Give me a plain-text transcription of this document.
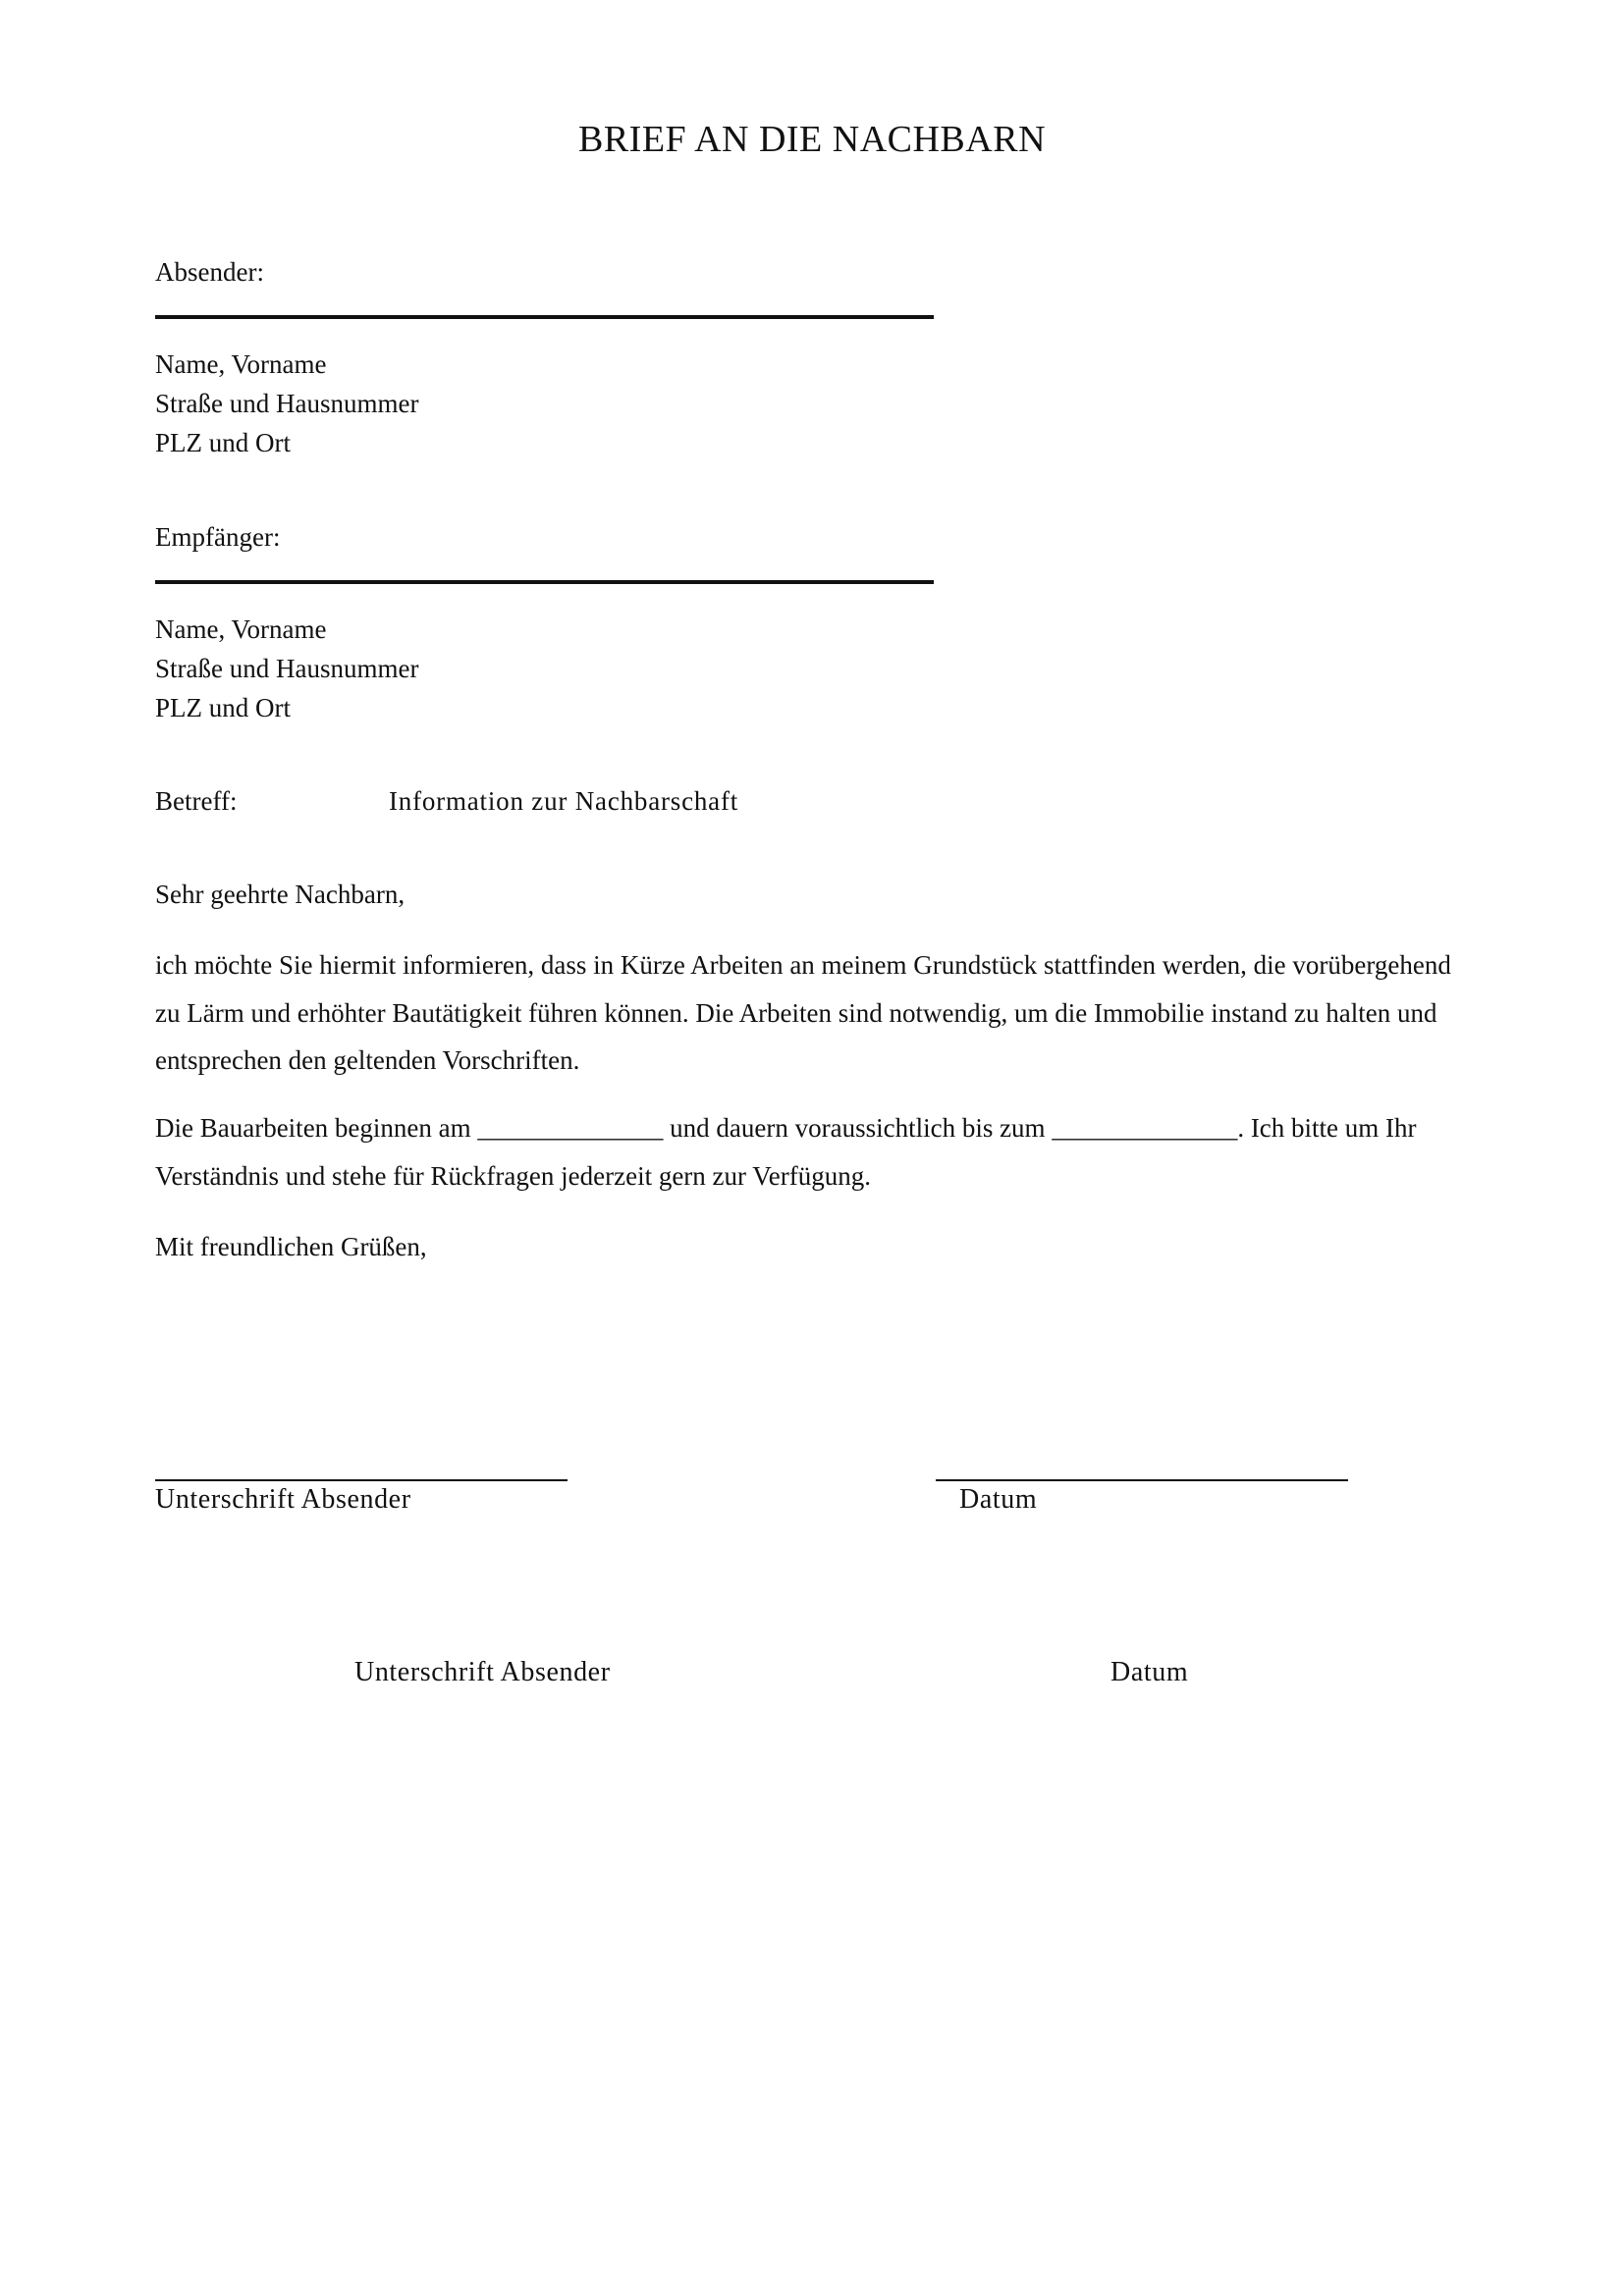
BRIEF AN DIE NACHBARN
Absender:
Name, Vorname
Straße und Hausnummer
PLZ und Ort
Empfänger:
Name, Vorname
Straße und Hausnummer
PLZ und Ort
Betreff:	Information zur Nachbarschaft
Sehr geehrte Nachbarn,
ich möchte Sie hiermit informieren, dass in Kürze Arbeiten an meinem Grundstück stattfinden werden, die vorübergehend zu Lärm und erhöhter Bautätigkeit führen können. Die Arbeiten sind notwendig, um die Immobilie instand zu halten und entsprechen den geltenden Vorschriften.
Die Bauarbeiten beginnen am ______________ und dauern voraussichtlich bis zum ______________. Ich bitte um Ihr Verständnis und stehe für Rückfragen jederzeit gern zur Verfügung.
Mit freundlichen Grüßen,
Unterschrift Absender	Datum
Unterschrift Absender	Datum
